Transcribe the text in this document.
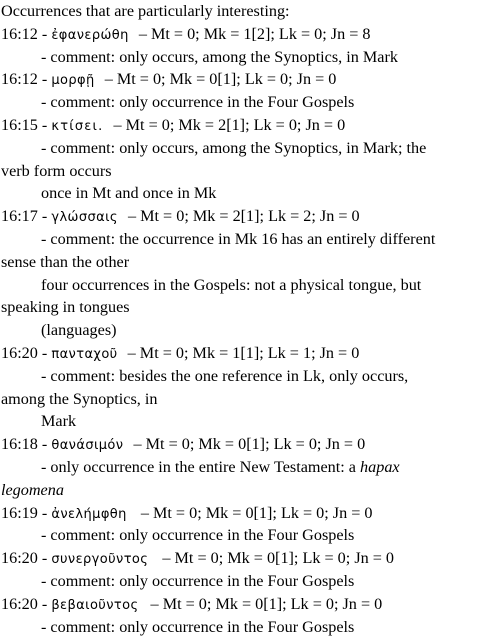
Occurrences that are particularly interesting:
16:12 - ἐφανερώθη – Mt = 0; Mk = 1[2]; Lk = 0; Jn = 8
- comment: only occurs, among the Synoptics, in Mark
16:12 - μορφῇ – Mt = 0; Mk = 0[1]; Lk = 0; Jn = 0
- comment: only occurrence in the Four Gospels
16:15 - κτίσει. – Mt = 0; Mk = 2[1]; Lk = 0; Jn = 0
- comment: only occurs, among the Synoptics, in Mark; the
verb form occurs
once in Mt and once in Mk
16:17 - γλώσσαις – Mt = 0; Mk = 2[1]; Lk = 2; Jn = 0
- comment: the occurrence in Mk 16 has an entirely different
sense than the other
four occurrences in the Gospels: not a physical tongue, but
speaking in tongues
(languages)
16:20 - πανταχοῦ – Mt = 0; Mk = 1[1]; Lk = 1; Jn = 0
- comment: besides the one reference in Lk, only occurs,
among the Synoptics, in
Mark
16:18 - θανάσιμόν – Mt = 0; Mk = 0[1]; Lk = 0; Jn = 0
- only occurrence in the entire New Testament: a hapax
legomena
16:19 - ἀνελήμφθη – Mt = 0; Mk = 0[1]; Lk = 0; Jn = 0
- comment: only occurrence in the Four Gospels
16:20 - συνεργοῦντος – Mt = 0; Mk = 0[1]; Lk = 0; Jn = 0
- comment: only occurrence in the Four Gospels
16:20 - βεβαιοῦντος – Mt = 0; Mk = 0[1]; Lk = 0; Jn = 0
- comment: only occurrence in the Four Gospels
